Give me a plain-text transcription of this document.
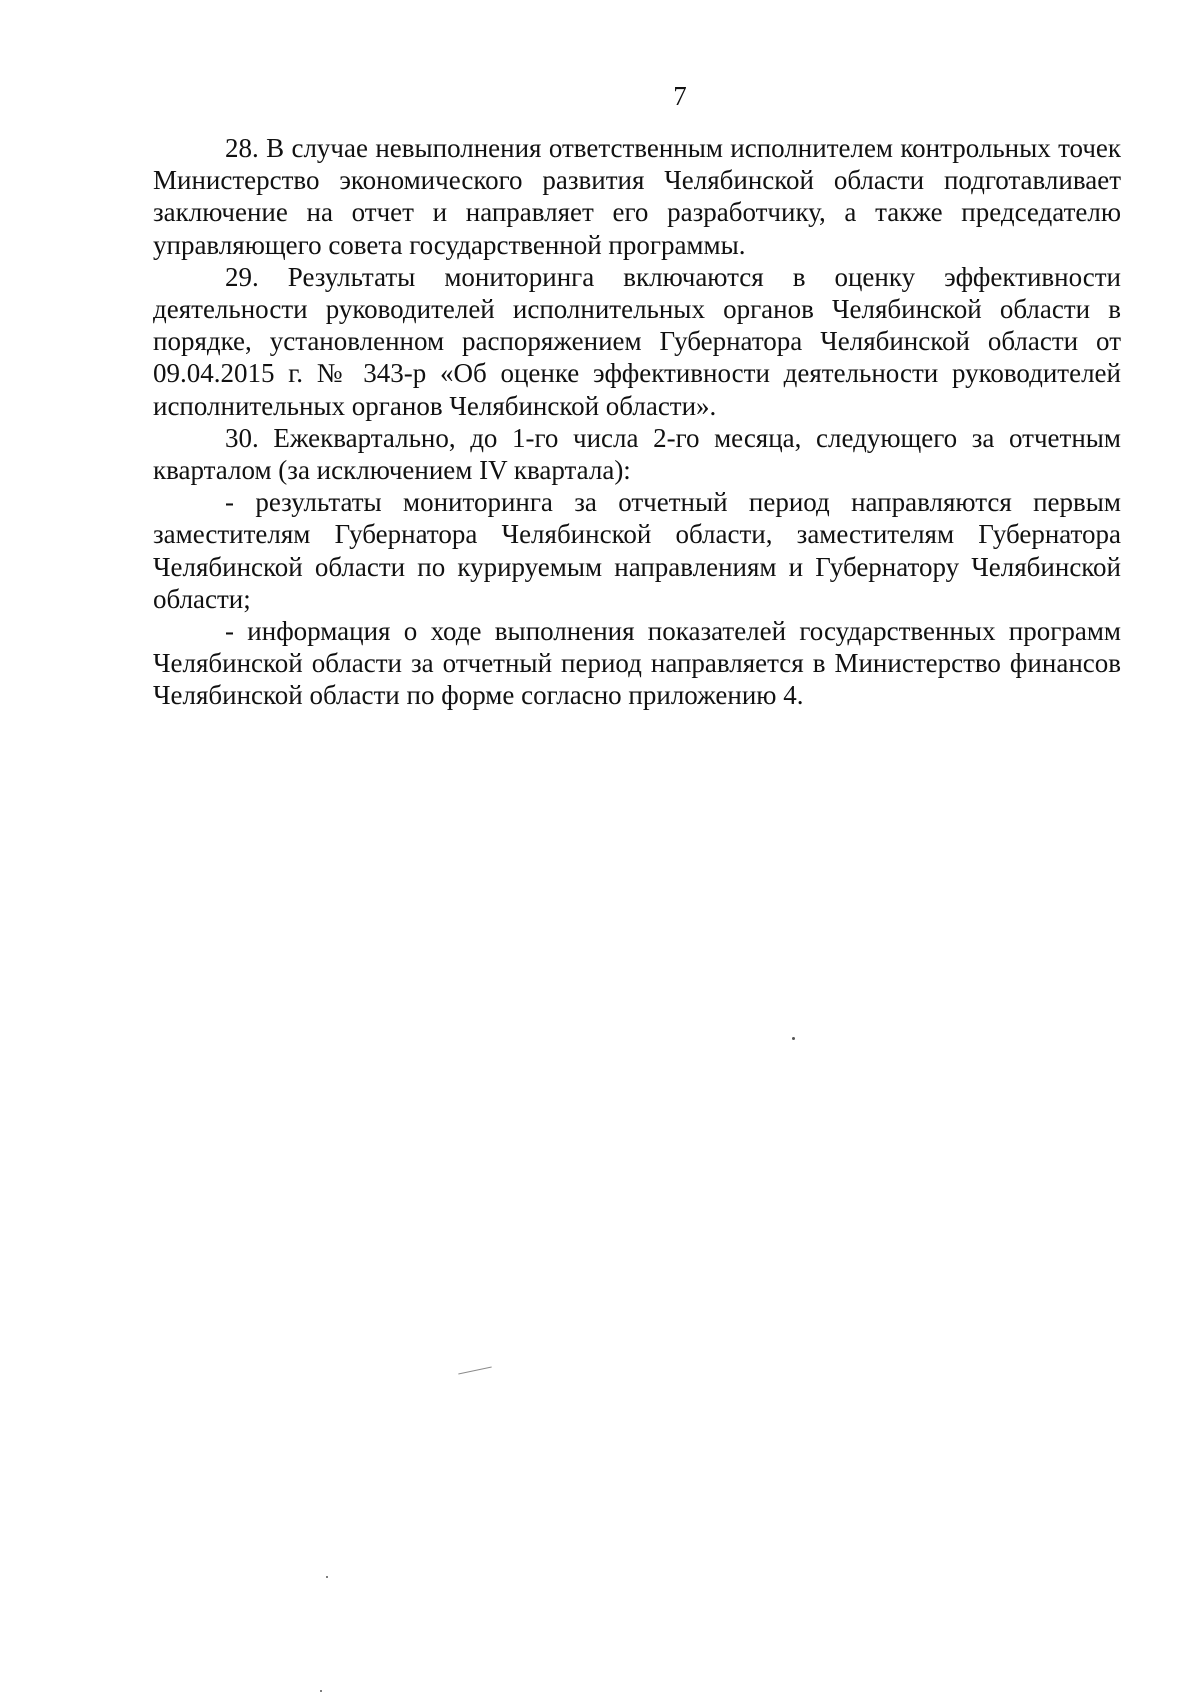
7

28. В случае невыполнения ответственным исполнителем контрольных точек Министерство экономического развития Челябинской области подготавливает заключение на отчет и направляет его разработчику, а также председателю управляющего совета государственной программы.

29. Результаты мониторинга включаются в оценку эффективности деятельности руководителей исполнительных органов Челябинской области в порядке, установленном распоряжением Губернатора Челябинской области от 09.04.2015 г. № 343-р «Об оценке эффективности деятельности руководителей исполнительных органов Челябинской области».

30. Ежеквартально, до 1-го числа 2-го месяца, следующего за отчетным кварталом (за исключением IV квартала):

- результаты мониторинга за отчетный период направляются первым заместителям Губернатора Челябинской области, заместителям Губернатора Челябинской области по курируемым направлениям и Губернатору Челябинской области;

- информация о ходе выполнения показателей государственных программ Челябинской области за отчетный период направляется в Министерство финансов Челябинской области по форме согласно приложению 4.
